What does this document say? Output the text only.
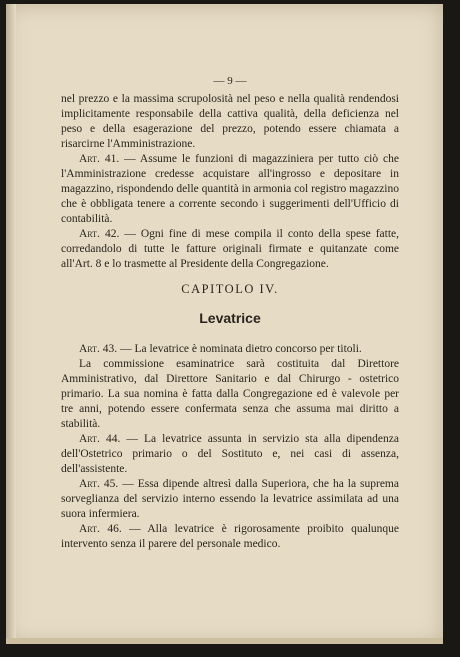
— 9 —

nel prezzo e la massima scrupolosità nel peso e nella qualità rendendosi implicitamente responsabile della cattiva qualità, della deficienza nel peso e della esagerazione del prezzo, potendo essere chiamata a risarcirne l'Amministrazione.

Art. 41. — Assume le funzioni di magazziniera per tutto ciò che l'Amministrazione credesse acquistare all'ingrosso e depositare in magazzino, rispondendo delle quantità in armonia col registro magazzino che è obbligata tenere a corrente secondo i suggerimenti dell'Ufficio di contabilità.

Art. 42. — Ogni fine di mese compila il conto della spese fatte, corredandolo di tutte le fatture originali firmate e quitanzate come all'Art. 8 e lo trasmette al Presidente della Congregazione.

CAPITOLO IV.
Levatrice

Art. 43. — La levatrice è nominata dietro concorso per titoli.

La commissione esaminatrice sarà costituita dal Direttore Amministrativo, dal Direttore Sanitario e dal Chirurgo - ostetrico primario. La sua nomina è fatta dalla Congregazione ed è valevole per tre anni, potendo essere confermata senza che assuma mai diritto a stabilità.

Art. 44. — La levatrice assunta in servizio sta alla dipendenza dell'Ostetrico primario o del Sostituto e, nei casi di assenza, dell'assistente.

Art. 45. — Essa dipende altresì dalla Superiora, che ha la suprema sorveglianza del servizio interno essendo la levatrice assimilata ad una suora infermiera.

Art. 46. — Alla levatrice è rigorosamente proibito qualunque intervento senza il parere del personale medico.
